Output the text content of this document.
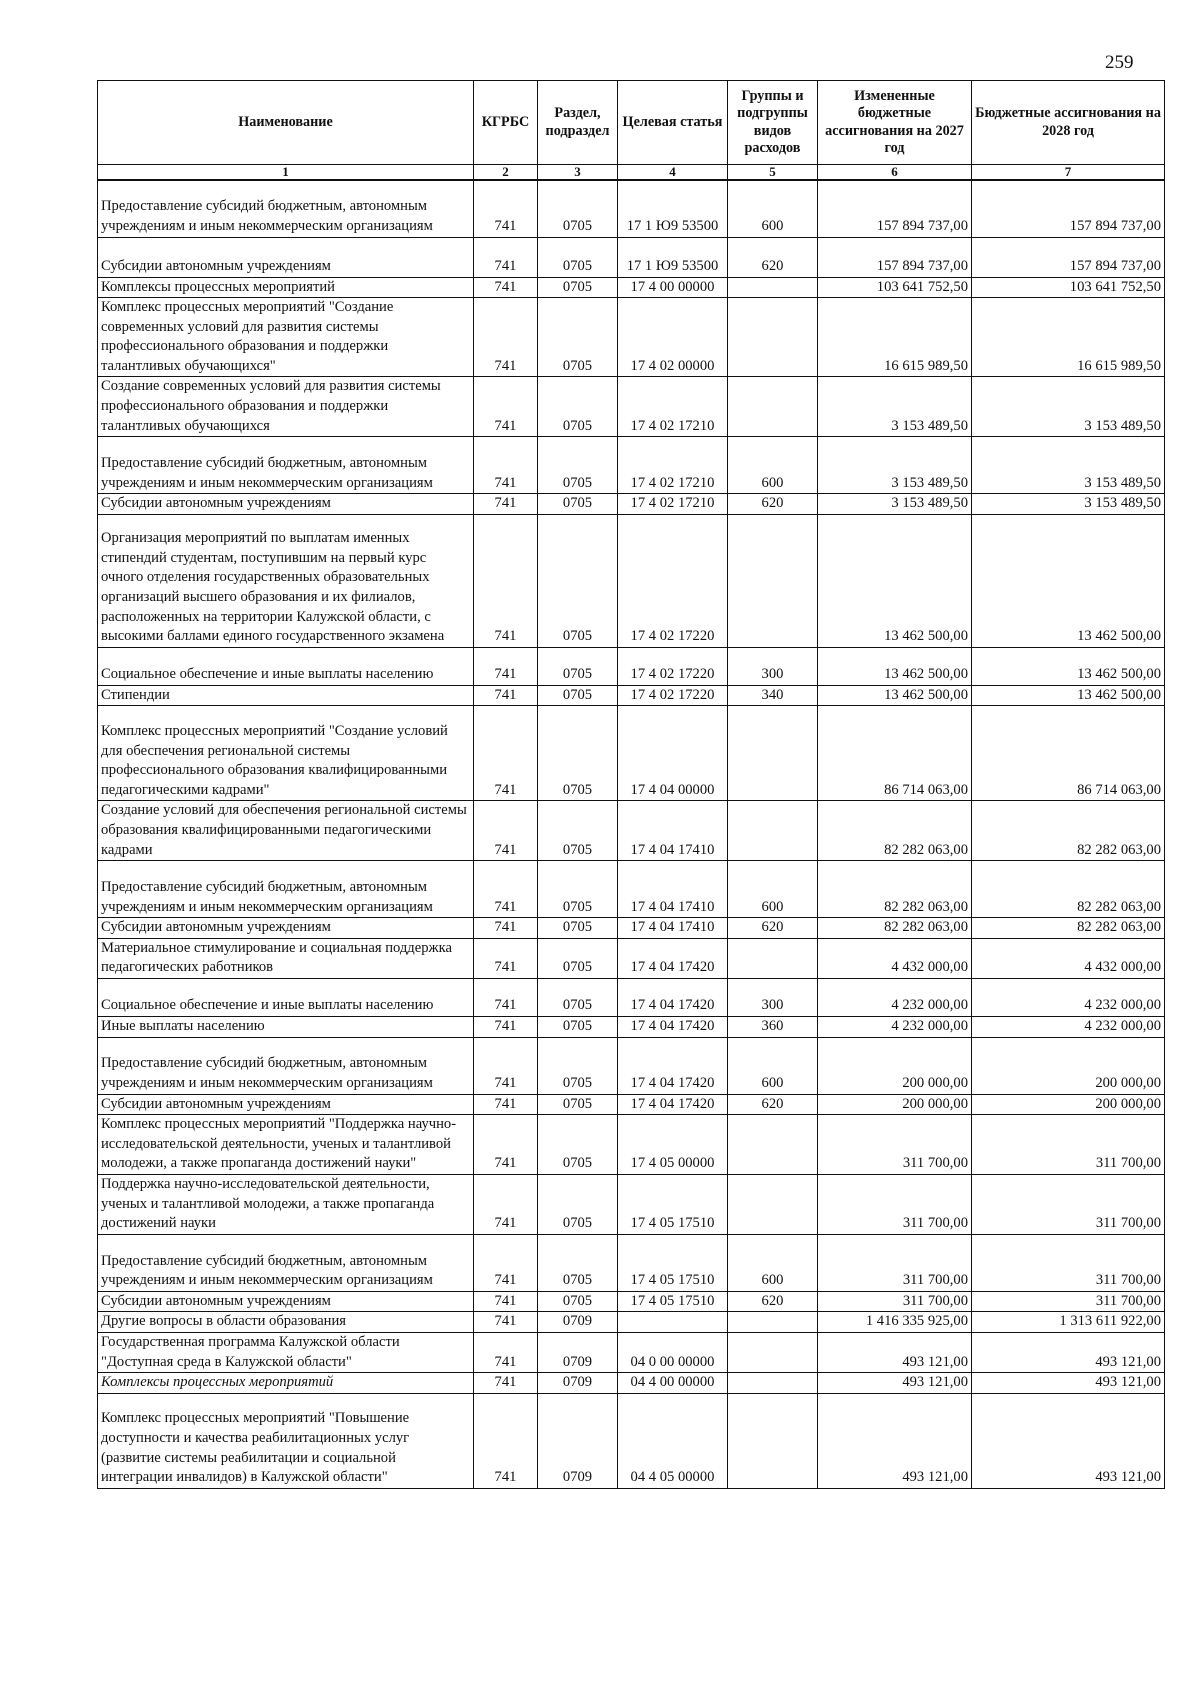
259
Наименование	КГРБС	Раздел, подраздел	Целевая статья	Группы и подгруппы видов расходов	Измененные бюджетные ассигнования на 2027 год	Бюджетные ассигнования на 2028 год
1	2	3	4	5	6	7
Предоставление субсидий бюджетным, автономным учреждениям и иным некоммерческим организациям	741	0705	17 1 Ю9 53500	600	157 894 737,00	157 894 737,00
Субсидии автономным учреждениям	741	0705	17 1 Ю9 53500	620	157 894 737,00	157 894 737,00
Комплексы процессных мероприятий	741	0705	17 4 00 00000		103 641 752,50	103 641 752,50
Комплекс процессных мероприятий "Создание современных условий для развития системы профессионального образования и поддержки талантливых обучающихся"	741	0705	17 4 02 00000		16 615 989,50	16 615 989,50
Создание современных условий для развития системы профессионального образования и поддержки талантливых обучающихся	741	0705	17 4 02 17210		3 153 489,50	3 153 489,50
Предоставление субсидий бюджетным, автономным учреждениям и иным некоммерческим организациям	741	0705	17 4 02 17210	600	3 153 489,50	3 153 489,50
Субсидии автономным учреждениям	741	0705	17 4 02 17210	620	3 153 489,50	3 153 489,50
Организация мероприятий по выплатам именных стипендий студентам, поступившим на первый курс очного отделения государственных образовательных организаций высшего образования и их филиалов, расположенных на территории Калужской области, с высокими баллами единого государственного экзамена	741	0705	17 4 02 17220		13 462 500,00	13 462 500,00
Социальное обеспечение и иные выплаты населению	741	0705	17 4 02 17220	300	13 462 500,00	13 462 500,00
Стипендии	741	0705	17 4 02 17220	340	13 462 500,00	13 462 500,00
Комплекс процессных мероприятий "Создание условий для обеспечения региональной системы профессионального образования квалифицированными педагогическими кадрами"	741	0705	17 4 04 00000		86 714 063,00	86 714 063,00
Создание условий для обеспечения региональной системы образования квалифицированными педагогическими кадрами	741	0705	17 4 04 17410		82 282 063,00	82 282 063,00
Предоставление субсидий бюджетным, автономным учреждениям и иным некоммерческим организациям	741	0705	17 4 04 17410	600	82 282 063,00	82 282 063,00
Субсидии автономным учреждениям	741	0705	17 4 04 17410	620	82 282 063,00	82 282 063,00
Материальное стимулирование и социальная поддержка педагогических работников	741	0705	17 4 04 17420		4 432 000,00	4 432 000,00
Социальное обеспечение и иные выплаты населению	741	0705	17 4 04 17420	300	4 232 000,00	4 232 000,00
Иные выплаты населению	741	0705	17 4 04 17420	360	4 232 000,00	4 232 000,00
Предоставление субсидий бюджетным, автономным учреждениям и иным некоммерческим организациям	741	0705	17 4 04 17420	600	200 000,00	200 000,00
Субсидии автономным учреждениям	741	0705	17 4 04 17420	620	200 000,00	200 000,00
Комплекс процессных мероприятий "Поддержка научно-исследовательской деятельности, ученых и талантливой молодежи, а также пропаганда достижений науки"	741	0705	17 4 05 00000		311 700,00	311 700,00
Поддержка научно-исследовательской деятельности, ученых и талантливой молодежи, а также пропаганда достижений науки	741	0705	17 4 05 17510		311 700,00	311 700,00
Предоставление субсидий бюджетным, автономным учреждениям и иным некоммерческим организациям	741	0705	17 4 05 17510	600	311 700,00	311 700,00
Субсидии автономным учреждениям	741	0705	17 4 05 17510	620	311 700,00	311 700,00
Другие вопросы в области образования	741	0709			1 416 335 925,00	1 313 611 922,00
Государственная программа Калужской области "Доступная среда в Калужской области"	741	0709	04 0 00 00000		493 121,00	493 121,00
Комплексы процессных мероприятий	741	0709	04 4 00 00000		493 121,00	493 121,00
Комплекс процессных мероприятий "Повышение доступности и качества реабилитационных услуг (развитие системы реабилитации и социальной интеграции инвалидов) в Калужской области"	741	0709	04 4 05 00000		493 121,00	493 121,00
